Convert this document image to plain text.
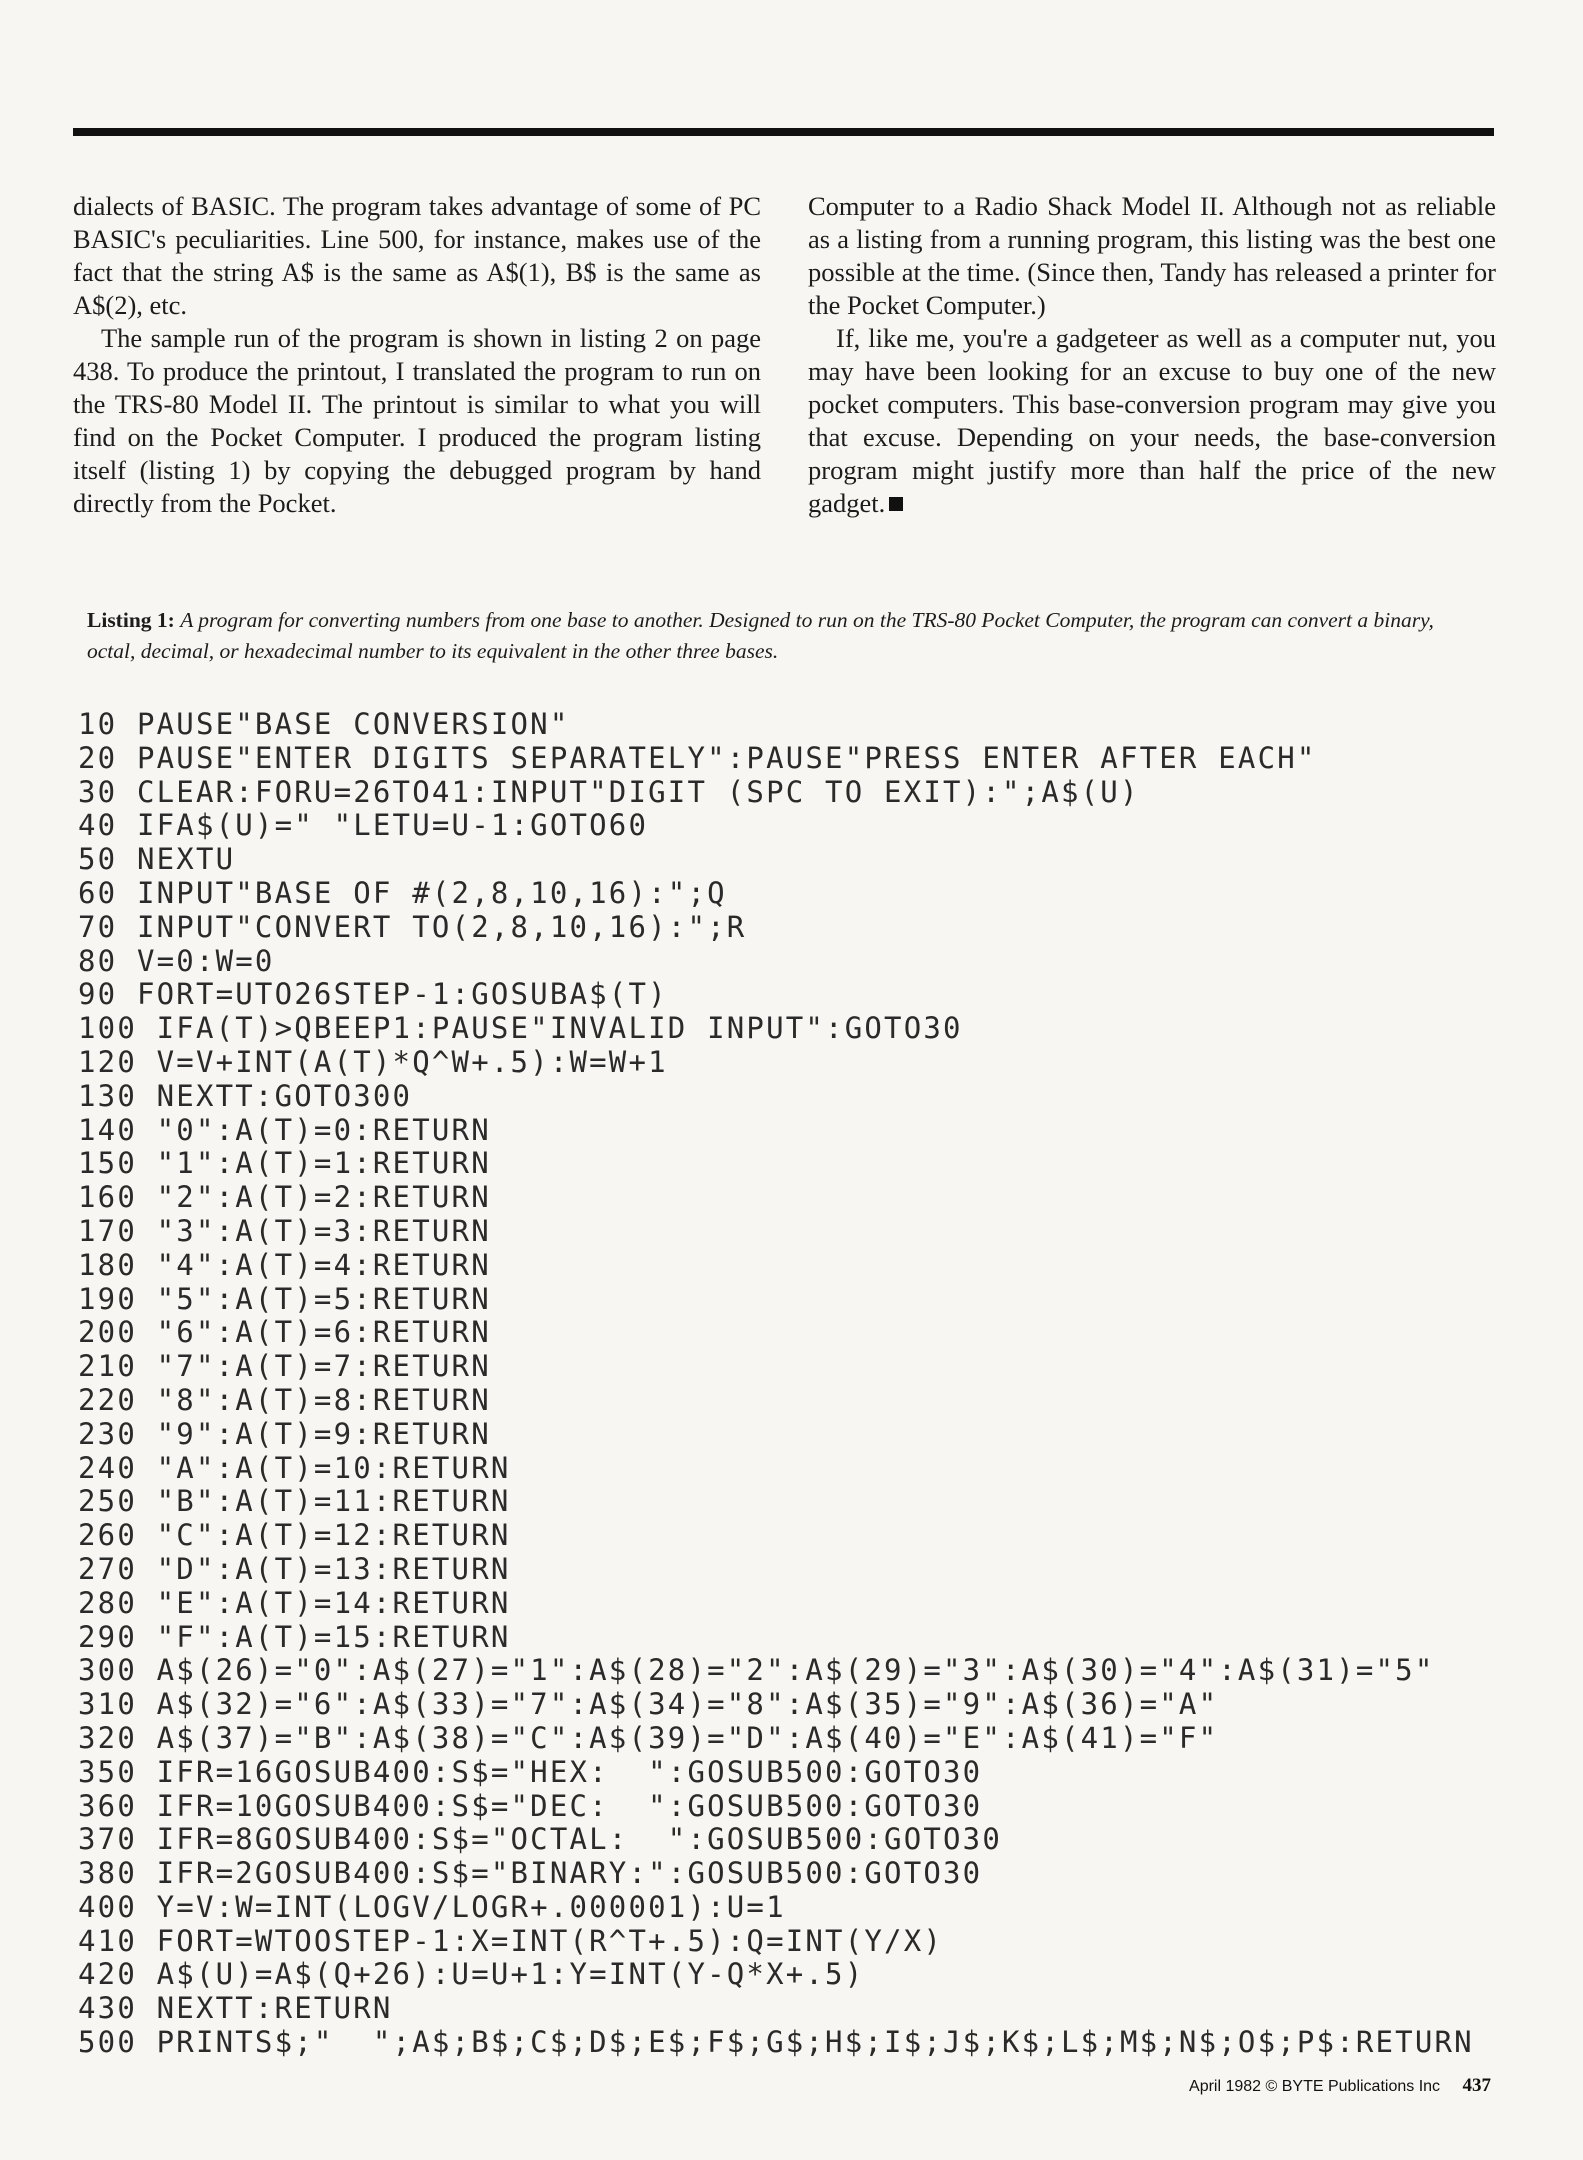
dialects of BASIC. The program takes advantage of some of PC BASIC's peculiarities. Line 500, for instance, makes use of the fact that the string A$ is the same as A$(1), B$ is the same as A$(2), etc.

The sample run of the program is shown in listing 2 on page 438. To produce the printout, I translated the program to run on the TRS-80 Model II. The printout is similar to what you will find on the Pocket Computer. I produced the program listing itself (listing 1) by copying the debugged program by hand directly from the Pocket.

Computer to a Radio Shack Model II. Although not as reliable as a listing from a running program, this listing was the best one possible at the time. (Since then, Tandy has released a printer for the Pocket Computer.)

If, like me, you're a gadgeteer as well as a computer nut, you may have been looking for an excuse to buy one of the new pocket computers. This base-conversion program may give you that excuse. Depending on your needs, the base-conversion program might justify more than half the price of the new gadget.

Listing 1: A program for converting numbers from one base to another. Designed to run on the TRS-80 Pocket Computer, the program can convert a binary, octal, decimal, or hexadecimal number to its equivalent in the other three bases.
10 PAUSE"BASE CONVERSION"
20 PAUSE"ENTER DIGITS SEPARATELY":PAUSE"PRESS ENTER AFTER EACH"
30 CLEAR:FORU=26TO41:INPUT"DIGIT (SPC TO EXIT):";A$(U)
40 IFA$(U)=" "LETU=U-1:GOTO60
50 NEXTU
60 INPUT"BASE OF #(2,8,10,16):";Q
70 INPUT"CONVERT TO(2,8,10,16):";R
80 V=0:W=0
90 FORT=UTO26STEP-1:GOSUBA$(T)
100 IFA(T)>QBEEP1:PAUSE"INVALID INPUT":GOTO30
120 V=V+INT(A(T)*Q^W+.5):W=W+1
130 NEXTT:GOTO300
140 "0":A(T)=0:RETURN
150 "1":A(T)=1:RETURN
160 "2":A(T)=2:RETURN
170 "3":A(T)=3:RETURN
180 "4":A(T)=4:RETURN
190 "5":A(T)=5:RETURN
200 "6":A(T)=6:RETURN
210 "7":A(T)=7:RETURN
220 "8":A(T)=8:RETURN
230 "9":A(T)=9:RETURN
240 "A":A(T)=10:RETURN
250 "B":A(T)=11:RETURN
260 "C":A(T)=12:RETURN
270 "D":A(T)=13:RETURN
280 "E":A(T)=14:RETURN
290 "F":A(T)=15:RETURN
300 A$(26)="0":A$(27)="1":A$(28)="2":A$(29)="3":A$(30)="4":A$(31)="5"
310 A$(32)="6":A$(33)="7":A$(34)="8":A$(35)="9":A$(36)="A"
320 A$(37)="B":A$(38)="C":A$(39)="D":A$(40)="E":A$(41)="F"
350 IFR=16GOSUB400:S$="HEX:  ":GOSUB500:GOTO30
360 IFR=10GOSUB400:S$="DEC:  ":GOSUB500:GOTO30
370 IFR=8GOSUB400:S$="OCTAL:  ":GOSUB500:GOTO30
380 IFR=2GOSUB400:S$="BINARY:":GOSUB500:GOTO30
400 Y=V:W=INT(LOGV/LOGR+.000001):U=1
410 FORT=WTOOSTEP-1:X=INT(R^T+.5):Q=INT(Y/X)
420 A$(U)=A$(Q+26):U=U+1:Y=INT(Y-Q*X+.5)
430 NEXTT:RETURN
500 PRINTS$;"  ";A$;B$;C$;D$;E$;F$;G$;H$;I$;J$;K$;L$;M$;N$;O$;P$:RETURN
April 1982 © BYTE Publications Inc 437
